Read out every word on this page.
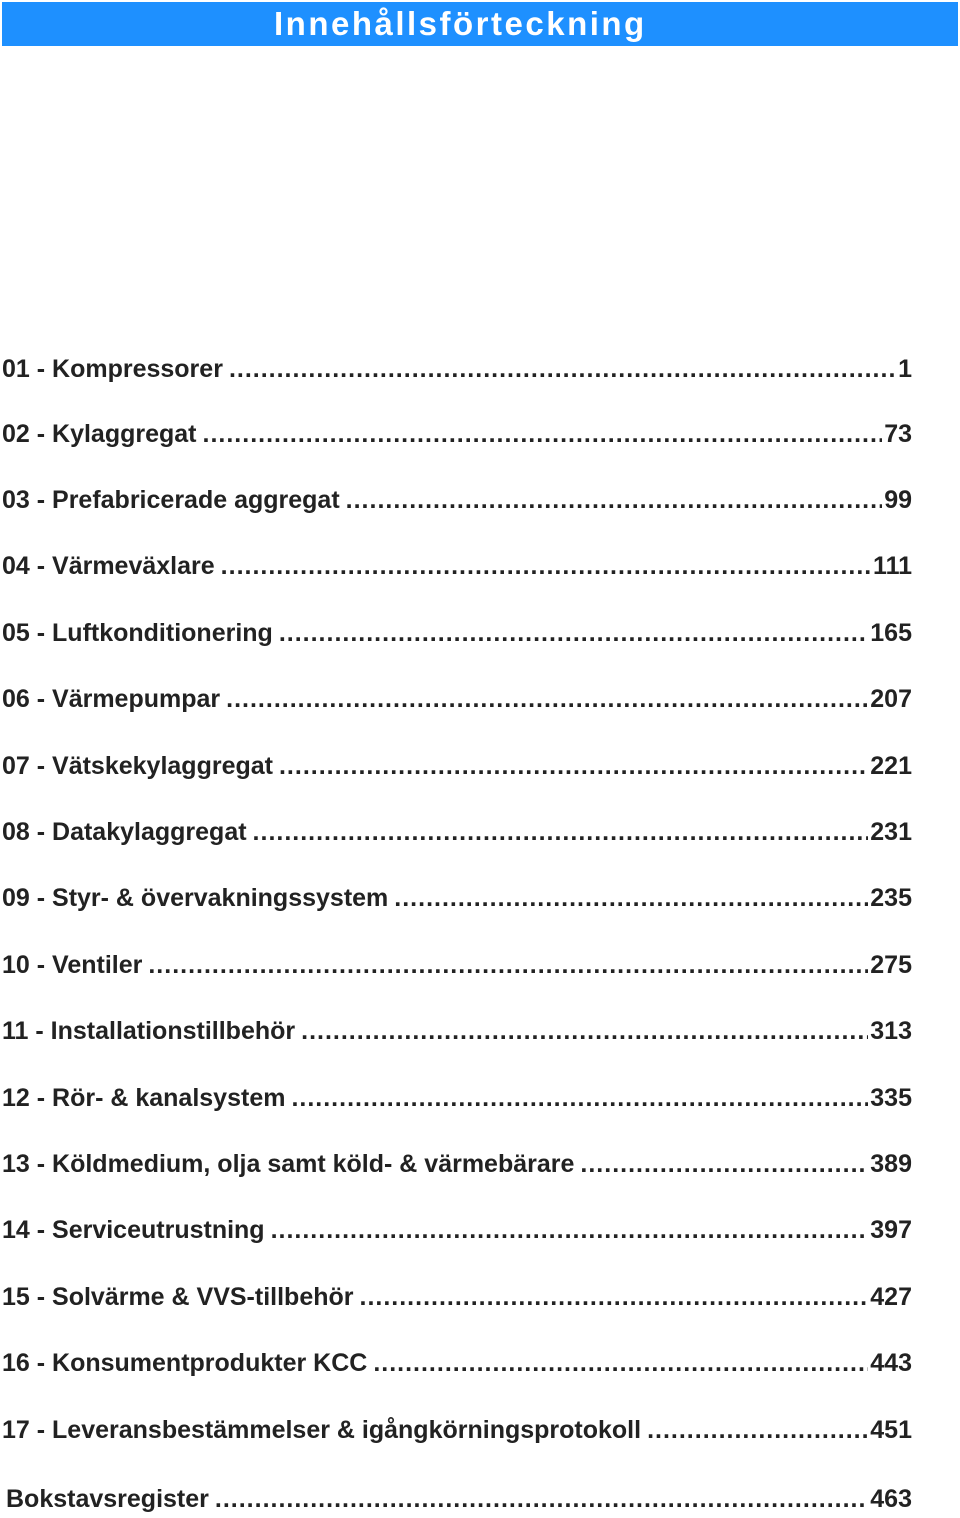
Innehållsförteckning
01 - Kompressorer .....	1
02 - Kylaggregat .....	73
03 - Prefabricerade aggregat .....	99
04 - Värmeväxlare .....	111
05 - Luftkonditionering .....	165
06 - Värmepumpar .....	207
07 - Vätskekylaggregat .....	221
08 - Datakylaggregat .....	231
09 - Styr- & övervakningssystem .....	235
10 - Ventiler .....	275
11 - Installationstillbehör .....	313
12 - Rör- & kanalsystem .....	335
13 - Köldmedium, olja samt köld- & värmebärare .....	389
14 - Serviceutrustning .....	397
15 - Solvärme & VVS-tillbehör .....	427
16 - Konsumentprodukter KCC .....	443
17 - Leveransbestämmelser & igångkörningsprotokoll .....	451
Bokstavsregister .....	463
